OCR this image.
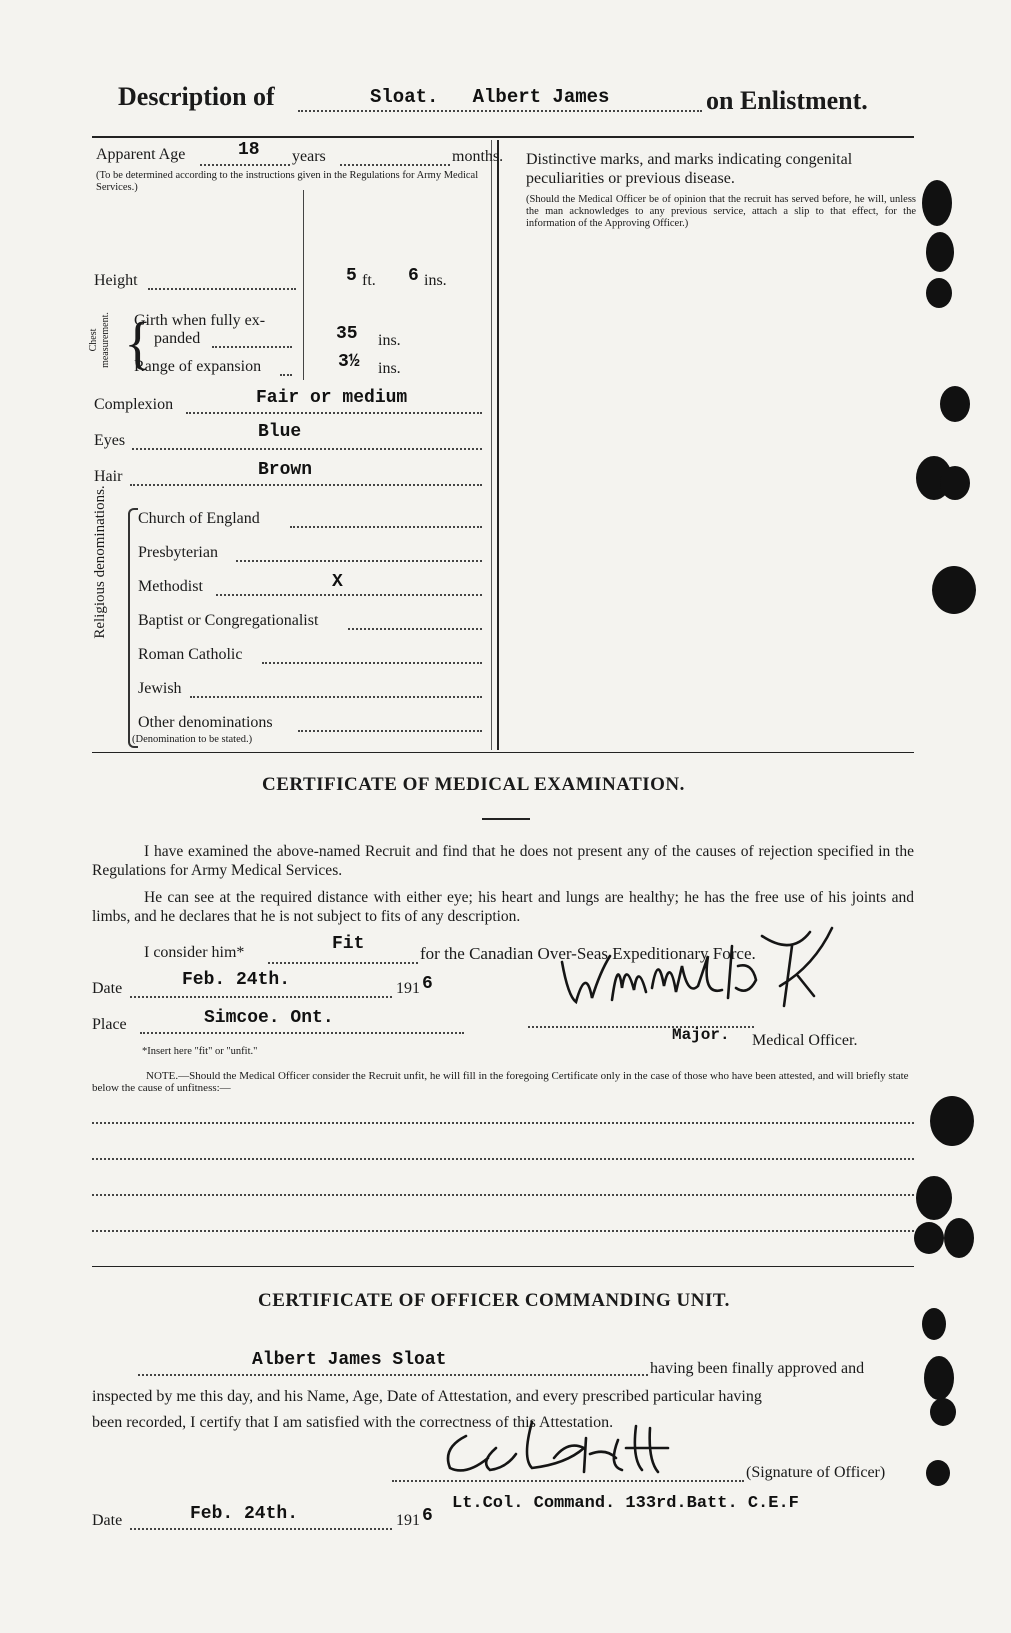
Description of	Sloat.   Albert James	on Enlistment.
Apparent Age	18 years	months.
(To be determined according to the instructions given in the Regulations for Army Medical Services.)
Height	5 ft. 6 ins.
Chest measurement. {
Girth when fully ex-
panded	35 ins.
Range of expansion	3½ ins.
Complexion	Fair or medium
Eyes	Blue
Hair	Brown
Religious denominations. Church of England
Presbyterian
Methodist	X
Baptist or Congregationalist
Roman Catholic
Jewish
Other denominations
(Denomination to be stated.)
Distinctive marks, and marks indicating congenital peculiarities or previous disease.
(Should the Medical Officer be of opinion that the recruit has served before, he will, unless the man acknowledges to any previous service, attach a slip to that effect, for the information of the Approving Officer.)
CERTIFICATE OF MEDICAL EXAMINATION.
I have examined the above-named Recruit and find that he does not present any of the causes of rejection specified in the Regulations for Army Medical Services.
He can see at the required distance with either eye; his heart and lungs are healthy; he has the free use of his joints and limbs, and he declares that he is not subject to fits of any description.
I consider him*	Fit	for the Canadian Over-Seas Expeditionary Force.
Date	Feb. 24th.	191 6
Place	Simcoe. Ont.
*Insert here "fit" or "unfit."
Major. Medical Officer.
NOTE.—Should the Medical Officer consider the Recruit unfit, he will fill in the foregoing Certificate only in the case of those who have been attested, and will briefly state below the cause of unfitness:—
CERTIFICATE OF OFFICER COMMANDING UNIT.
Albert James Sloat	having been finally approved and
inspected by me this day, and his Name, Age, Date of Attestation, and every prescribed particular having
been recorded, I certify that I am satisfied with the correctness of this Attestation.
(Signature of Officer)
Date	Feb. 24th.	191 6
Lt.Col. Command. 133rd.Batt. C.E.F
